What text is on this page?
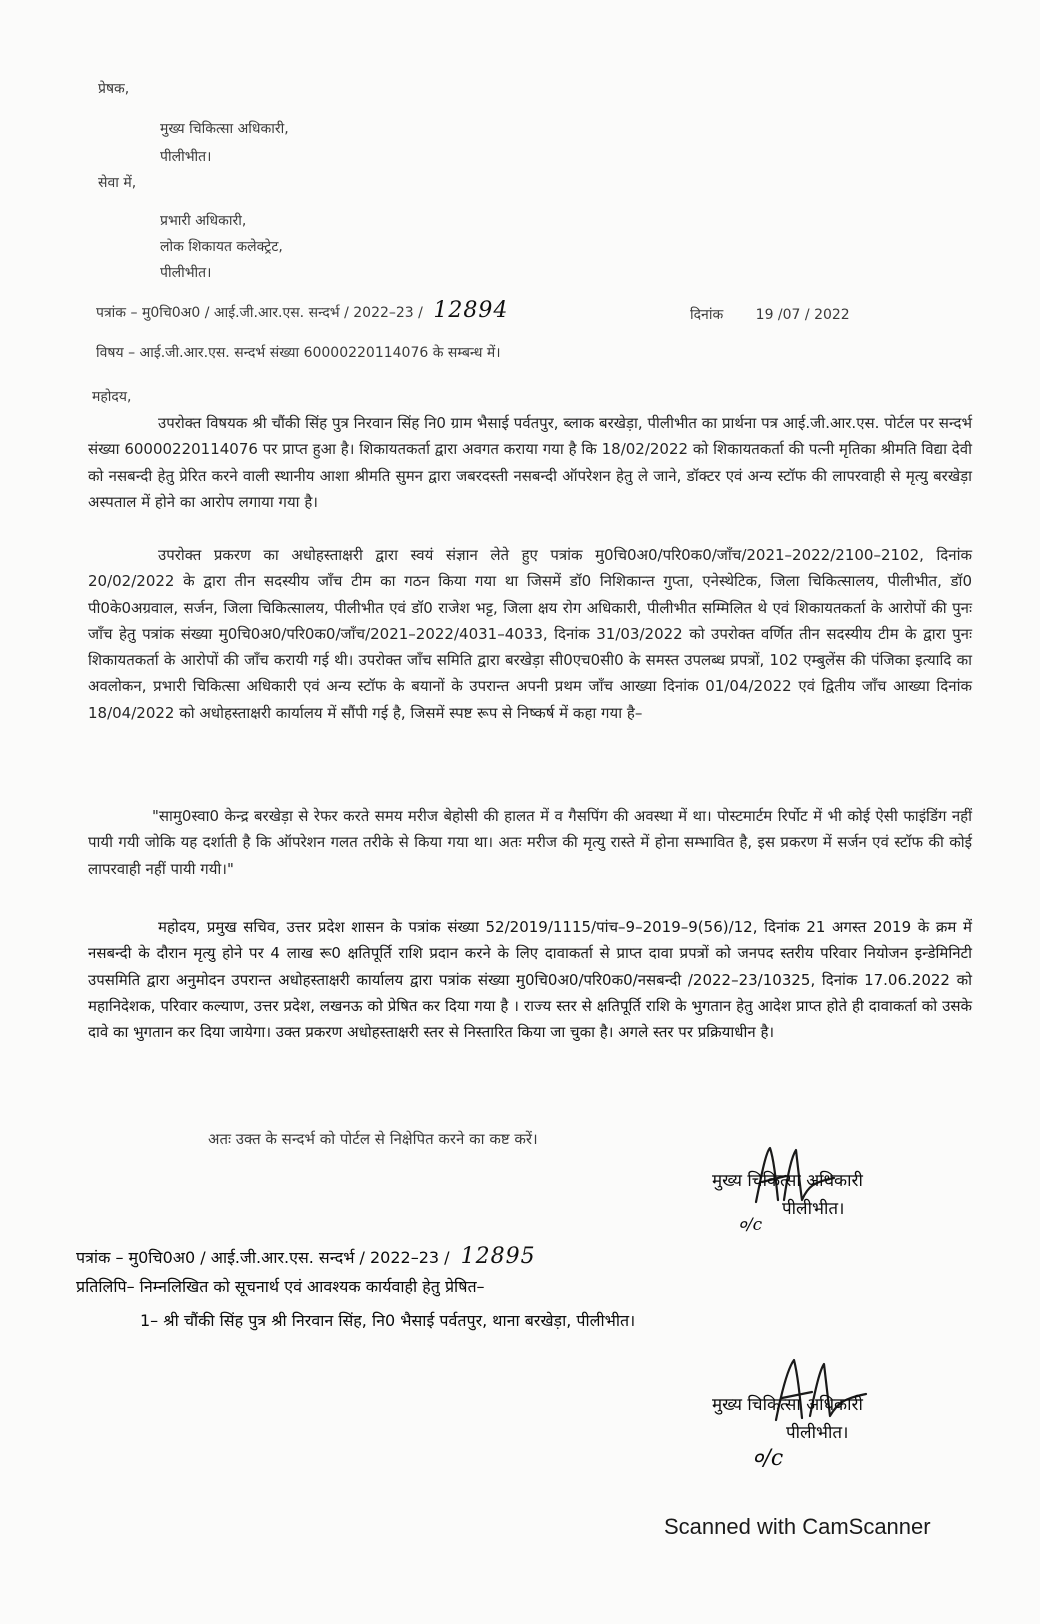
प्रेषक,
मुख्य चिकित्सा अधिकारी,
पीलीभीत।
सेवा में,
प्रभारी अधिकारी,
लोक शिकायत कलेक्ट्रेट,
पीलीभीत।
पत्रांक – मु0चि0अ0 / आई.जी.आर.एस. सन्दर्भ / 2022–23 / 12894	दिनांक 19 /07 / 2022
विषय – आई.जी.आर.एस. सन्दर्भ संख्या 60000220114076 के सम्बन्ध में।
महोदय,
उपरोक्त विषयक श्री चौंकी सिंह पुत्र निरवान सिंह नि0 ग्राम भैसाई पर्वतपुर, ब्लाक बरखेड़ा, पीलीभीत का प्रार्थना पत्र आई.जी.आर.एस. पोर्टल पर सन्दर्भ संख्या 60000220114076 पर प्राप्त हुआ है। शिकायतकर्ता द्वारा अवगत कराया गया है कि 18/02/2022 को शिकायतकर्ता की पत्नी मृतिका श्रीमति विद्या देवी को नसबन्दी हेतु प्रेरित करने वाली स्थानीय आशा श्रीमति सुमन द्वारा जबरदस्ती नसबन्दी ऑपरेशन हेतु ले जाने, डॉक्टर एवं अन्य स्टॉफ की लापरवाही से मृत्यु बरखेड़ा अस्पताल में होने का आरोप लगाया गया है।
उपरोक्त प्रकरण का अधोहस्ताक्षरी द्वारा स्वयं संज्ञान लेते हुए पत्रांक मु0चि0अ0/परि0क0/जाँच/2021–2022/2100–2102, दिनांक 20/02/2022 के द्वारा तीन सदस्यीय जाँच टीम का गठन किया गया था जिसमें डॉ0 निशिकान्त गुप्ता, एनेस्थेटिक, जिला चिकित्सालय, पीलीभीत, डॉ0 पी0के0अग्रवाल, सर्जन, जिला चिकित्सालय, पीलीभीत एवं डॉ0 राजेश भट्ट, जिला क्षय रोग अधिकारी, पीलीभीत सम्मिलित थे एवं शिकायतकर्ता के आरोपों की पुनः जाँच हेतु पत्रांक संख्या मु0चि0अ0/परि0क0/जाँच/2021–2022/4031–4033, दिनांक 31/03/2022 को उपरोक्त वर्णित तीन सदस्यीय टीम के द्वारा पुनः शिकायतकर्ता के आरोपों की जाँच करायी गई थी। उपरोक्त जाँच समिति द्वारा बरखेड़ा सी0एच0सी0 के समस्त उपलब्ध प्रपत्रों, 102 एम्बुलेंस की पंजिका इत्यादि का अवलोकन, प्रभारी चिकित्सा अधिकारी एवं अन्य स्टॉफ के बयानों के उपरान्त अपनी प्रथम जाँच आख्या दिनांक 01/04/2022 एवं द्वितीय जाँच आख्या दिनांक 18/04/2022 को अधोहस्ताक्षरी कार्यालय में सौंपी गई है, जिसमें स्पष्ट रूप से निष्कर्ष में कहा गया है–
"सामु0स्वा0 केन्द्र बरखेड़ा से रेफर करते समय मरीज बेहोसी की हालत में व गैसपिंग की अवस्था में था। पोस्टमार्टम रिर्पोट में भी कोई ऐसी फाइंडिंग नहीं पायी गयी जोकि यह दर्शाती है कि ऑपरेशन गलत तरीके से किया गया था। अतः मरीज की मृत्यु रास्ते में होना सम्भावित है, इस प्रकरण में सर्जन एवं स्टॉफ की कोई लापरवाही नहीं पायी गयी।"
महोदय, प्रमुख सचिव, उत्तर प्रदेश शासन के पत्रांक संख्या 52/2019/1115/पांच–9–2019–9(56)/12, दिनांक 21 अगस्त 2019 के क्रम में नसबन्दी के दौरान मृत्यु होने पर 4 लाख रू0 क्षतिपूर्ति राशि प्रदान करने के लिए दावाकर्ता से प्राप्त दावा प्रपत्रों को जनपद स्तरीय परिवार नियोजन इन्डेमिनिटी उपसमिति द्वारा अनुमोदन उपरान्त अधोहस्ताक्षरी कार्यालय द्वारा पत्रांक संख्या मु0चि0अ0/परि0क0/नसबन्दी /2022–23/10325, दिनांक 17.06.2022 को महानिदेशक, परिवार कल्याण, उत्तर प्रदेश, लखनऊ को प्रेषित कर दिया गया है । राज्य स्तर से क्षतिपूर्ति राशि के भुगतान हेतु आदेश प्राप्त होते ही दावाकर्ता को उसके दावे का भुगतान कर दिया जायेगा। उक्त प्रकरण अधोहस्ताक्षरी स्तर से निस्तारित किया जा चुका है। अगले स्तर पर प्रक्रियाधीन है।
अतः उक्त के सन्दर्भ को पोर्टल से निक्षेपित करने का कष्ट करें।
मुख्य चिकित्सा अधिकारी
पीलीभीत।
०/c
पत्रांक – मु0चि0अ0 / आई.जी.आर.एस. सन्दर्भ / 2022–23 / 12895
प्रतिलिपि– निम्नलिखित को सूचनार्थ एवं आवश्यक कार्यवाही हेतु प्रेषित–
1– श्री चौंकी सिंह पुत्र श्री निरवान सिंह, नि0 भैसाई पर्वतपुर, थाना बरखेड़ा, पीलीभीत।
मुख्य चिकित्सा अधिकारी
पीलीभीत।
०/c
Scanned with CamScanner
